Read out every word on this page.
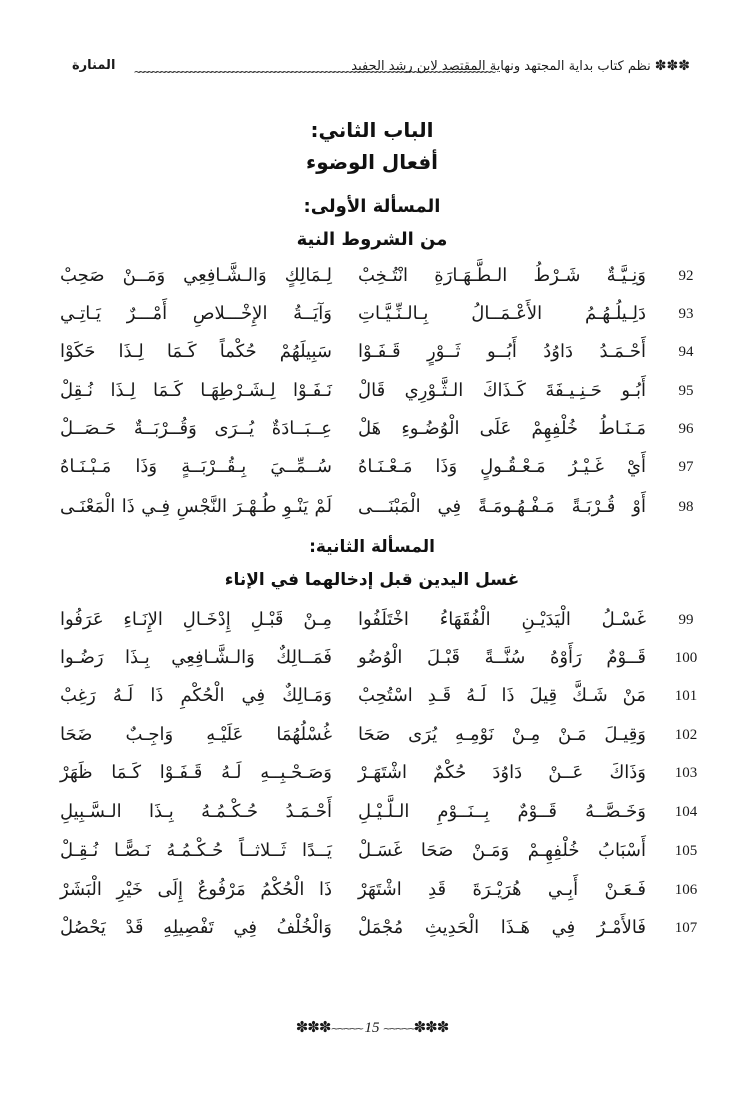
✽✽✽نظم كتاب بداية المجتهد ونهاية المقتصد لابن رشد الحفيد
~~~~~~~~~~~~~~~~~~~~~~~~~~~~~~~~~~~~~~~~~~~~~~~~~~~~~~~~~~~~~~~~~~~~~~~~~~~~~~~~~~~~~
المنارة
الباب الثاني:
أفعال الوضوء
المسألة الأولى:
من الشروط النية
92
وَنِـيَّـةٌ شَـرْطُ الـطَّـهَـارَةِ انْتُـخِبْ
لِـمَالِكٍ وَالـشَّـافِعِي وَمَــنْ صَحِبْ
93
دَلِـيلُـهُـمُ الأَعْـمَــالُ بِـالـنِّـيَّـاتِ
وَآيَــةُ الإِخْـــلاصِ أَمْـــرٌ يَـاتِـي
94
أَحْـمَـدُ دَاوُدُ أَبُــو ثَــوْرٍ قَـفَـوْا
سَبِيلَهُمْ حُكْماً كَـمَا لِـذَا حَكَوْا
95
أَبُـو حَـنِـيـفَةَ كَـذَاكَ الـثَّـوْرِي قَالْ
نَـفَـوْا لِـشَـرْطِهَـا كَـمَا لِـذَا نُـقِلْ
96
مَـنَـاطُ خُلْفِهِمْ عَلَى الْوُضُـوءِ هَلْ
عِــبَــادَةٌ يُــرَى وَقُــرْبَــةٌ حَـصَــلْ
97
أَيْ غَـيْـرُ مَـعْـقُـولٍ وَذَا مَـعْـنَـاهُ
سُــمِّــيَ بِـقُــرْبَــةٍ وَذَا مَـبْـنَـاهُ
98
أَوْ قُـرْبَـةً مَـفْـهُـومَـةً فِي الْمَبْنَـــى
لَمْ يَنْـوِ طُـهْـرَ النَّجْسِ فِـي ذَا الْمَعْنَـى
المسألة الثانية:
غسل اليدين قبل إدخالهما في الإناء
99
غَسْـلُ الْيَدَيْـنِ الْفُقَهَاءُ اخْتَلَفُوا
مِـنْ قَبْـلِ إِدْخَـالِ الإِنَـاءِ عَرَفُوا
100
قَــوْمٌ رَأَوْهُ سُنَّــةً قَبْـلَ الْوُضُو
فَمَــالِكٌ وَالـشَّـافِعِي بِـذَا رَضُـوا
101
مَنْ شَـكَّ قِيلَ ذَا لَـهُ قَـدِ اسْتُحِبْ
وَمَـالِكٌ فِي الْحُكْمِ ذَا لَـهُ رَغِبْ
102
وَقِيـلَ مَـنْ مِـنْ نَوْمِـهِ يُرَى صَحَا
غُسْلُهُمَا عَلَيْـهِ وَاجِـبٌ ضَحَا
103
وَذَاكَ عَــنْ دَاوُدَ حُكْمٌ اشْتَهَـرْ
وَصَـحْـبِــهِ لَـهُ قَـفَـوْا كَـمَا ظَهَرْ
104
وَخَـصَّــهُ قَــوْمٌ بِــنَــوْمِ الـلَّـيْـلِ
أَحْـمَـدُ حُـكْـمُـهُ بِـذَا الـسَّـبِيلِ
105
أَسْبَابُ خُلْفِهِـمْ وَمَـنْ صَحَا غَسَـلْ
يَــدًا ثَــلاثــاً حُـكْـمُـهُ نَـصًّـا نُـقِـلْ
106
فَـعَـنْ أَبِـي هُرَيْـرَةَ قَدِ اشْتَهَرْ
ذَا الْحُكْمُ مَرْفُوعٌ إِلَى خَيْرِ الْبَشَرْ
107
فَالأَمْـرُ فِي هَـذَا الْحَدِيثِ مُجْمَلْ
وَالْخُلْفُ فِي تَفْصِيلِهِ قَدْ يَحْصُلْ
✽✽✽~~~~~ 15 ~~~~~✽✽✽
